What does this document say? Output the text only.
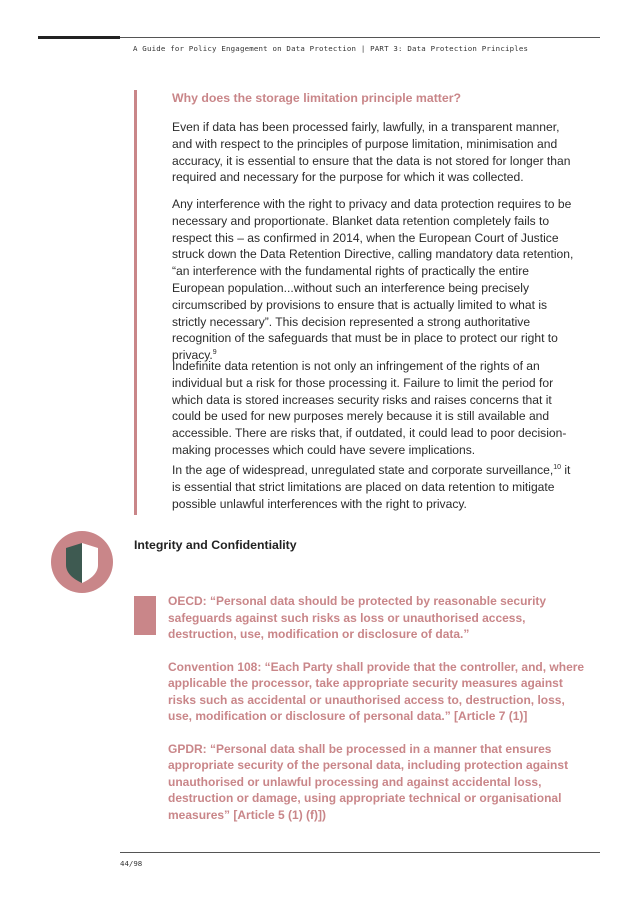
A Guide for Policy Engagement on Data Protection | PART 3: Data Protection Principles
Why does the storage limitation principle matter?

Even if data has been processed fairly, lawfully, in a transparent manner, and with respect to the principles of purpose limitation, minimisation and accuracy, it is essential to ensure that the data is not stored for longer than required and necessary for the purpose for which it was collected.

Any interference with the right to privacy and data protection requires to be necessary and proportionate. Blanket data retention completely fails to respect this – as confirmed in 2014, when the European Court of Justice struck down the Data Retention Directive, calling mandatory data retention, “an interference with the fundamental rights of practically the entire European population...without such an interference being precisely circumscribed by provisions to ensure that is actually limited to what is strictly necessary”. This decision represented a strong authoritative recognition of the safeguards that must be in place to protect our right to privacy.$^9$

Indefinite data retention is not only an infringement of the rights of an individual but a risk for those processing it. Failure to limit the period for which data is stored increases security risks and raises concerns that it could be used for new purposes merely because it is still available and accessible. There are risks that, if outdated, it could lead to poor decision-making processes which could have severe implications.

In the age of widespread, unregulated state and corporate surveillance,$^{10}$ it is essential that strict limitations are placed on data retention to mitigate possible unlawful interferences with the right to privacy.

Integrity and Confidentiality

OECD: “Personal data should be protected by reasonable security safeguards against such risks as loss or unauthorised access, destruction, use, modification or disclosure of data.”

Convention 108: “Each Party shall provide that the controller, and, where applicable the processor, take appropriate security measures against risks such as accidental or unauthorised access to, destruction, loss, use, modification or disclosure of personal data.” [Article 7 (1)]

GPDR: “Personal data shall be processed in a manner that ensures appropriate security of the personal data, including protection against unauthorised or unlawful processing and against accidental loss, destruction or damage, using appropriate technical or organisational measures” [Article 5 (1) (f)])

44/98
